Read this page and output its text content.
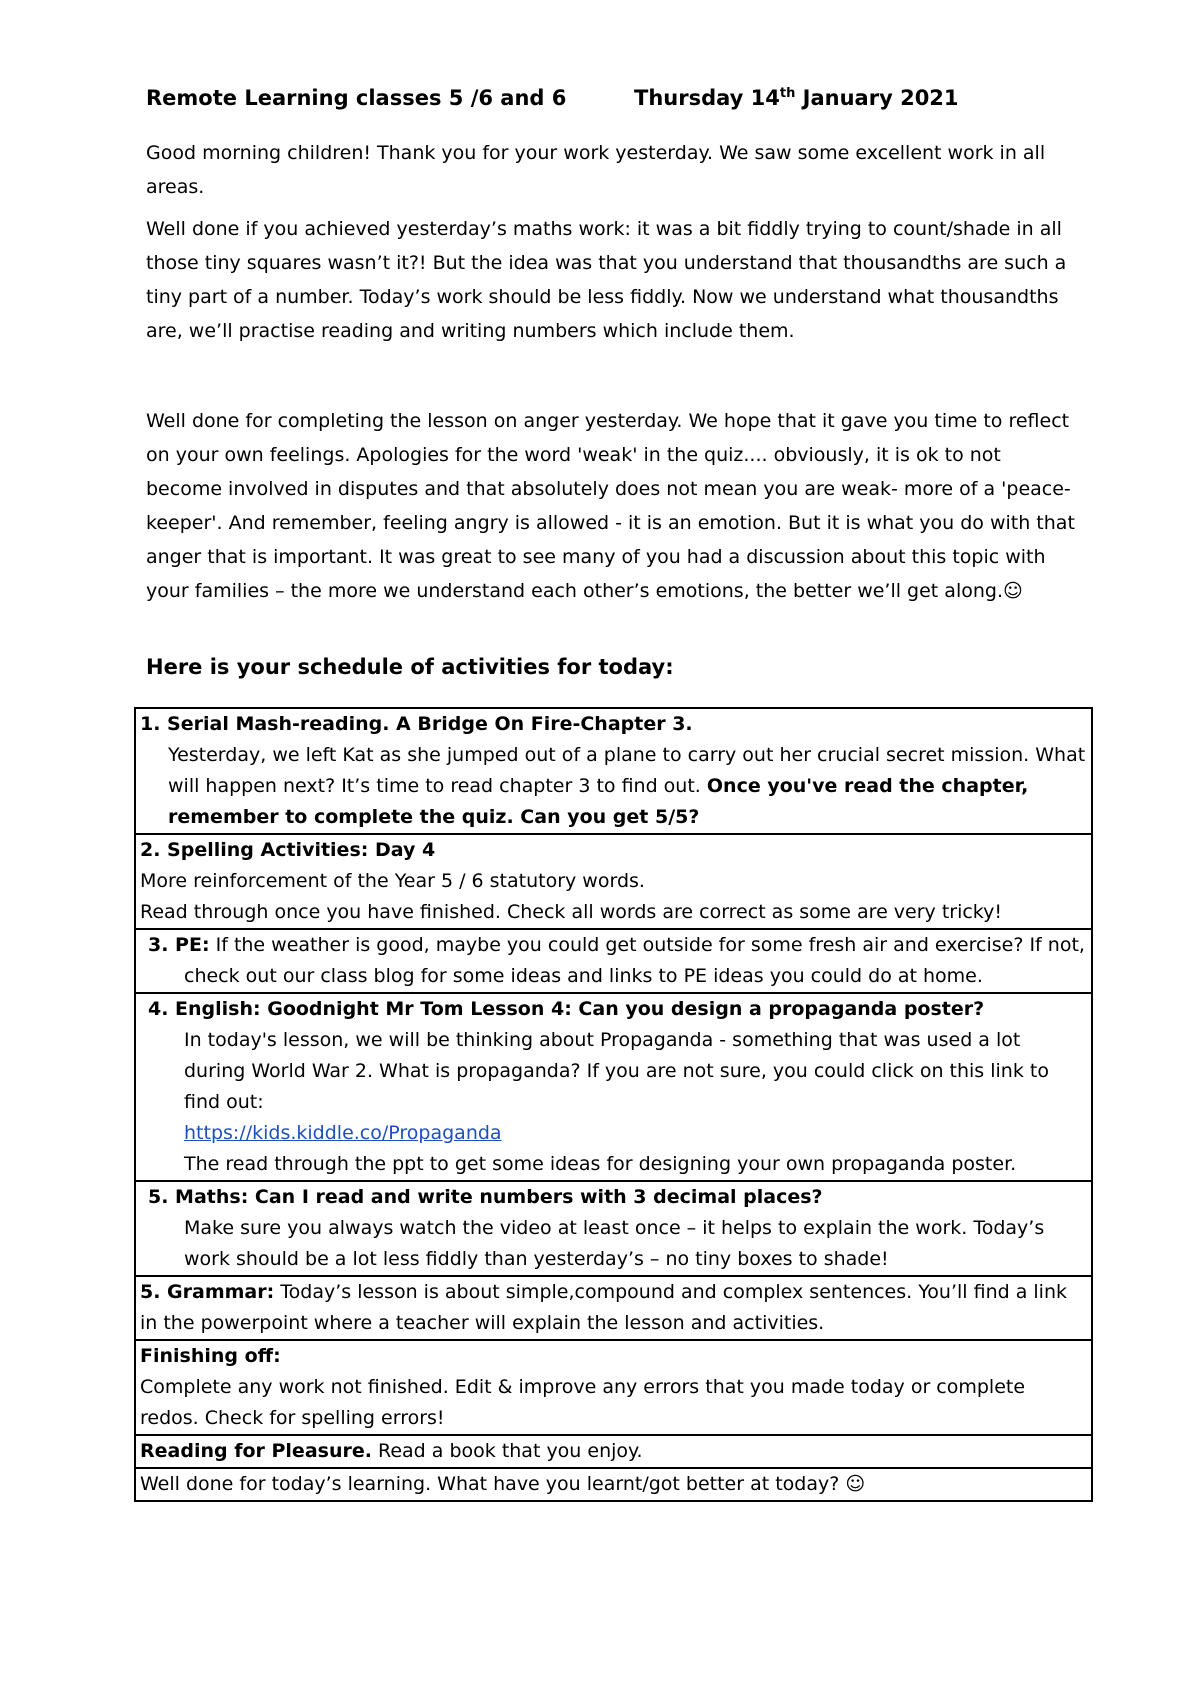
Remote Learning classes 5 /6 and 6	Thursday 14th January 2021

Good morning children! Thank you for your work yesterday. We saw some excellent work in all areas.

Well done if you achieved yesterday’s maths work: it was a bit fiddly trying to count/shade in all those tiny squares wasn’t it?! But the idea was that you understand that thousandths are such a tiny part of a number. Today’s work should be less fiddly. Now we understand what thousandths are, we’ll practise reading and writing numbers which include them.

Well done for completing the lesson on anger yesterday. We hope that it gave you time to reflect on your own feelings. Apologies for the word 'weak' in the quiz.... obviously, it is ok to not become involved in disputes and that absolutely does not mean you are weak- more of a 'peace-keeper'. And remember, feeling angry is allowed - it is an emotion. But it is what you do with that anger that is important. It was great to see many of you had a discussion about this topic with your families – the more we understand each other’s emotions, the better we’ll get along.☺

Here is your schedule of activities for today:
1. Serial Mash-reading. A Bridge On Fire-Chapter 3.
Yesterday, we left Kat as she jumped out of a plane to carry out her crucial secret mission. What will happen next? It’s time to read chapter 3 to find out. Once you've read the chapter, remember to complete the quiz. Can you get 5/5?

2. Spelling Activities: Day 4
More reinforcement of the Year 5 / 6 statutory words.
Read through once you have finished. Check all words are correct as some are very tricky!

3. PE: If the weather is good, maybe you could get outside for some fresh air and exercise? If not, check out our class blog for some ideas and links to PE ideas you could do at home.

4. English: Goodnight Mr Tom Lesson 4: Can you design a propaganda poster?
In today's lesson, we will be thinking about Propaganda - something that was used a lot during World War 2. What is propaganda? If you are not sure, you could click on this link to find out:
https://kids.kiddle.co/Propaganda
The read through the ppt to get some ideas for designing your own propaganda poster.

5. Maths: Can I read and write numbers with 3 decimal places?
Make sure you always watch the video at least once – it helps to explain the work. Today’s work should be a lot less fiddly than yesterday’s – no tiny boxes to shade!

5. Grammar: Today’s lesson is about simple,compound and complex sentences. You’ll find a link in the powerpoint where a teacher will explain the lesson and activities.

Finishing off:
Complete any work not finished. Edit & improve any errors that you made today or complete redos. Check for spelling errors!

Reading for Pleasure. Read a book that you enjoy.
Well done for today’s learning. What have you learnt/got better at today? ☺
